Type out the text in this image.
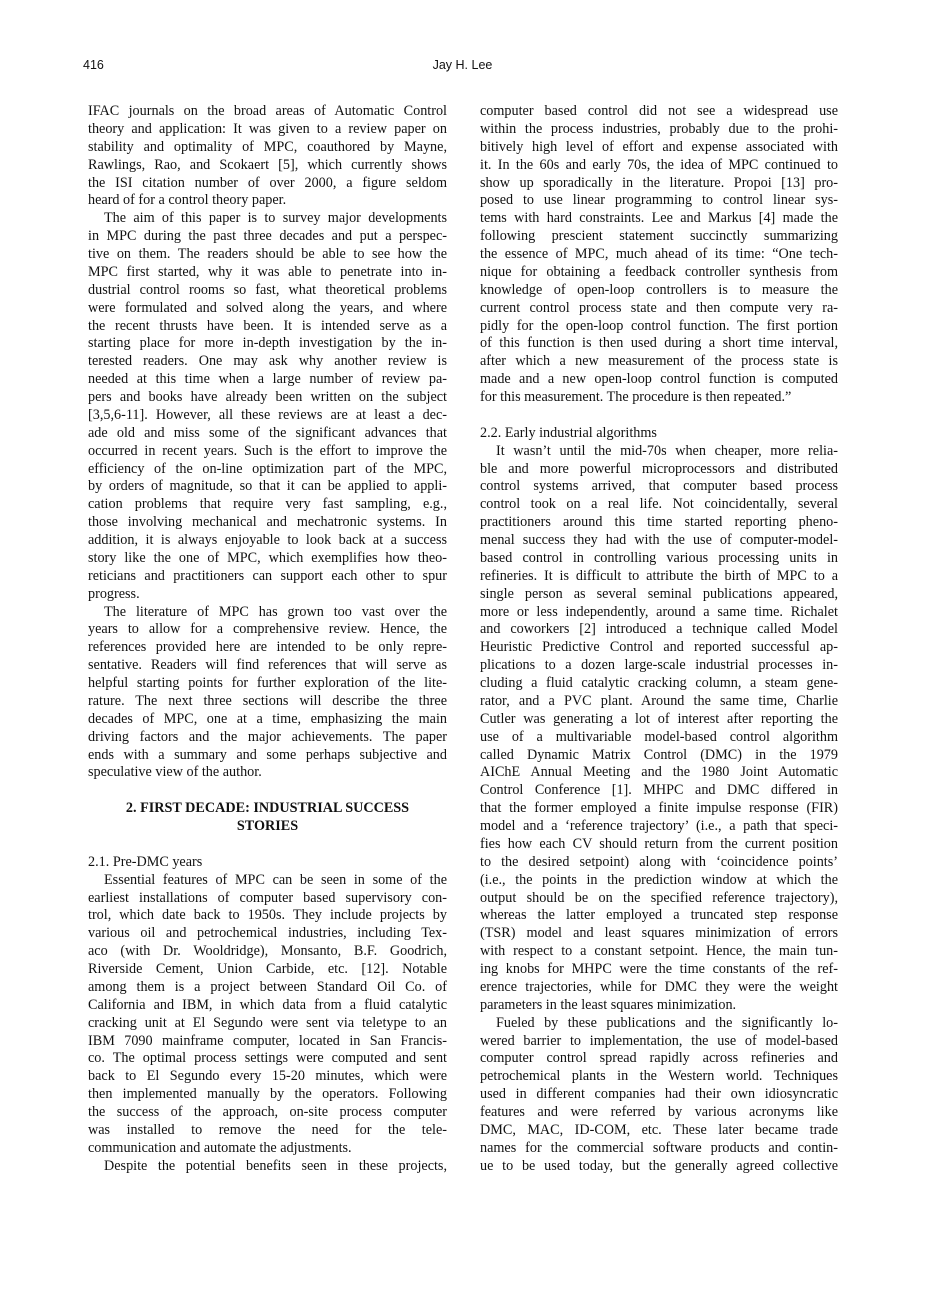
416	Jay H. Lee
IFAC journals on the broad areas of Automatic Control
theory and application: It was given to a review paper on
stability and optimality of MPC, coauthored by Mayne,
Rawlings, Rao, and Scokaert [5], which currently shows
the ISI citation number of over 2000, a figure seldom
heard of for a control theory paper.
The aim of this paper is to survey major developments
in MPC during the past three decades and put a perspec-
tive on them. The readers should be able to see how the
MPC first started, why it was able to penetrate into in-
dustrial control rooms so fast, what theoretical problems
were formulated and solved along the years, and where
the recent thrusts have been. It is intended serve as a
starting place for more in-depth investigation by the in-
terested readers. One may ask why another review is
needed at this time when a large number of review pa-
pers and books have already been written on the subject
[3,5,6-11]. However, all these reviews are at least a dec-
ade old and miss some of the significant advances that
occurred in recent years. Such is the effort to improve the
efficiency of the on-line optimization part of the MPC,
by orders of magnitude, so that it can be applied to appli-
cation problems that require very fast sampling, e.g.,
those involving mechanical and mechatronic systems. In
addition, it is always enjoyable to look back at a success
story like the one of MPC, which exemplifies how theo-
reticians and practitioners can support each other to spur
progress.
The literature of MPC has grown too vast over the
years to allow for a comprehensive review. Hence, the
references provided here are intended to be only repre-
sentative. Readers will find references that will serve as
helpful starting points for further exploration of the lite-
rature. The next three sections will describe the three
decades of MPC, one at a time, emphasizing the main
driving factors and the major achievements. The paper
ends with a summary and some perhaps subjective and
speculative view of the author.
2. FIRST DECADE: INDUSTRIAL SUCCESS
STORIES
2.1. Pre-DMC years
Essential features of MPC can be seen in some of the
earliest installations of computer based supervisory con-
trol, which date back to 1950s. They include projects by
various oil and petrochemical industries, including Tex-
aco (with Dr. Wooldridge), Monsanto, B.F. Goodrich,
Riverside Cement, Union Carbide, etc. [12]. Notable
among them is a project between Standard Oil Co. of
California and IBM, in which data from a fluid catalytic
cracking unit at El Segundo were sent via teletype to an
IBM 7090 mainframe computer, located in San Francis-
co. The optimal process settings were computed and sent
back to El Segundo every 15-20 minutes, which were
then implemented manually by the operators. Following
the success of the approach, on-site process computer
was installed to remove the need for the tele-
communication and automate the adjustments.
Despite the potential benefits seen in these projects,
computer based control did not see a widespread use
within the process industries, probably due to the prohi-
bitively high level of effort and expense associated with
it. In the 60s and early 70s, the idea of MPC continued to
show up sporadically in the literature. Propoi [13] pro-
posed to use linear programming to control linear sys-
tems with hard constraints. Lee and Markus [4] made the
following prescient statement succinctly summarizing
the essence of MPC, much ahead of its time: “One tech-
nique for obtaining a feedback controller synthesis from
knowledge of open-loop controllers is to measure the
current control process state and then compute very ra-
pidly for the open-loop control function. The first portion
of this function is then used during a short time interval,
after which a new measurement of the process state is
made and a new open-loop control function is computed
for this measurement. The procedure is then repeated.”
2.2. Early industrial algorithms
It wasn’t until the mid-70s when cheaper, more relia-
ble and more powerful microprocessors and distributed
control systems arrived, that computer based process
control took on a real life. Not coincidentally, several
practitioners around this time started reporting pheno-
menal success they had with the use of computer-model-
based control in controlling various processing units in
refineries. It is difficult to attribute the birth of MPC to a
single person as several seminal publications appeared,
more or less independently, around a same time. Richalet
and coworkers [2] introduced a technique called Model
Heuristic Predictive Control and reported successful ap-
plications to a dozen large-scale industrial processes in-
cluding a fluid catalytic cracking column, a steam gene-
rator, and a PVC plant. Around the same time, Charlie
Cutler was generating a lot of interest after reporting the
use of a multivariable model-based control algorithm
called Dynamic Matrix Control (DMC) in the 1979
AIChE Annual Meeting and the 1980 Joint Automatic
Control Conference [1]. MHPC and DMC differed in
that the former employed a finite impulse response (FIR)
model and a ‘reference trajectory’ (i.e., a path that speci-
fies how each CV should return from the current position
to the desired setpoint) along with ‘coincidence points’
(i.e., the points in the prediction window at which the
output should be on the specified reference trajectory),
whereas the latter employed a truncated step response
(TSR) model and least squares minimization of errors
with respect to a constant setpoint. Hence, the main tun-
ing knobs for MHPC were the time constants of the ref-
erence trajectories, while for DMC they were the weight
parameters in the least squares minimization.
Fueled by these publications and the significantly lo-
wered barrier to implementation, the use of model-based
computer control spread rapidly across refineries and
petrochemical plants in the Western world. Techniques
used in different companies had their own idiosyncratic
features and were referred by various acronyms like
DMC, MAC, ID-COM, etc. These later became trade
names for the commercial software products and contin-
ue to be used today, but the generally agreed collective
